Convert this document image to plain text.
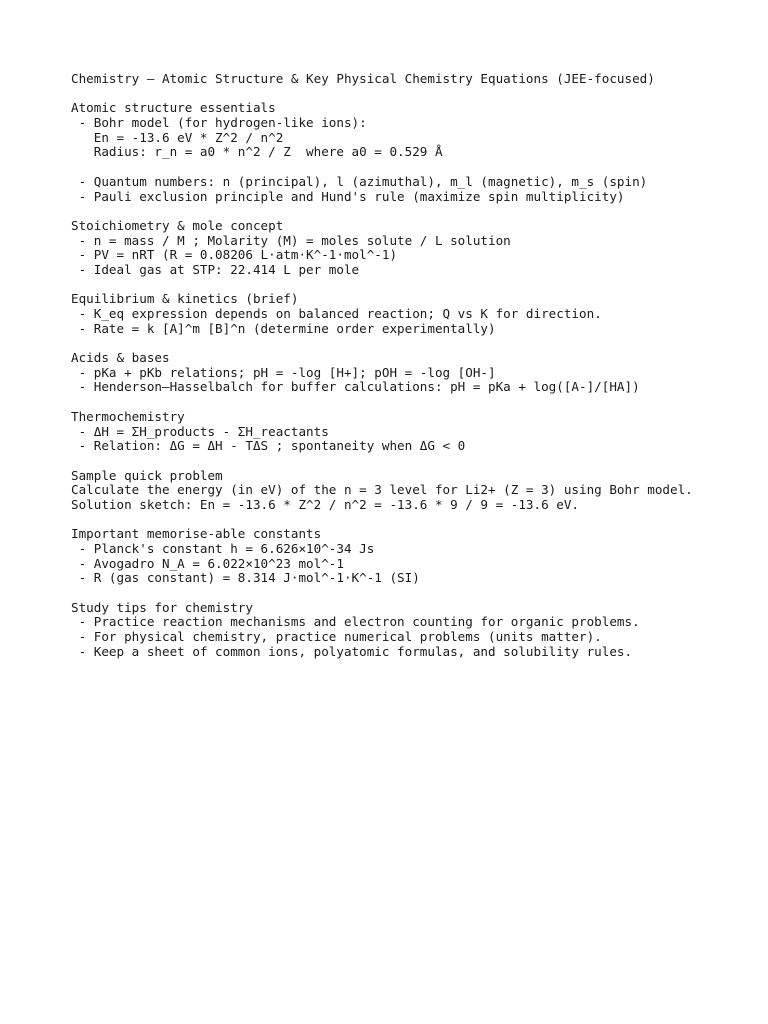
Chemistry — Atomic Structure & Key Physical Chemistry Equations (JEE-focused)
Atomic structure essentials
- Bohr model (for hydrogen-like ions):
En = -13.6 eV * Z^2 / n^2
Radius: r_n = a0 * n^2 / Z  where a0 = 0.529 Å
- Quantum numbers: n (principal), l (azimuthal), m_l (magnetic), m_s (spin)
- Pauli exclusion principle and Hund's rule (maximize spin multiplicity)
Stoichiometry & mole concept
- n = mass / M ; Molarity (M) = moles solute / L solution
- PV = nRT (R = 0.08206 L·atm·K^-1·mol^-1)
- Ideal gas at STP: 22.414 L per mole
Equilibrium & kinetics (brief)
- K_eq expression depends on balanced reaction; Q vs K for direction.
- Rate = k [A]^m [B]^n (determine order experimentally)
Acids & bases
- pKa + pKb relations; pH = -log [H+]; pOH = -log [OH-]
- Henderson–Hasselbalch for buffer calculations: pH = pKa + log([A-]/[HA])
Thermochemistry
- ΔH = ΣH_products - ΣH_reactants
- Relation: ΔG = ΔH - TΔS ; spontaneity when ΔG < 0
Sample quick problem
Calculate the energy (in eV) of the n = 3 level for Li2+ (Z = 3) using Bohr model.
Solution sketch: En = -13.6 * Z^2 / n^2 = -13.6 * 9 / 9 = -13.6 eV.
Important memorise-able constants
- Planck's constant h = 6.626×10^-34 Js
- Avogadro N_A = 6.022×10^23 mol^-1
- R (gas constant) = 8.314 J·mol^-1·K^-1 (SI)
Study tips for chemistry
- Practice reaction mechanisms and electron counting for organic problems.
- For physical chemistry, practice numerical problems (units matter).
- Keep a sheet of common ions, polyatomic formulas, and solubility rules.
